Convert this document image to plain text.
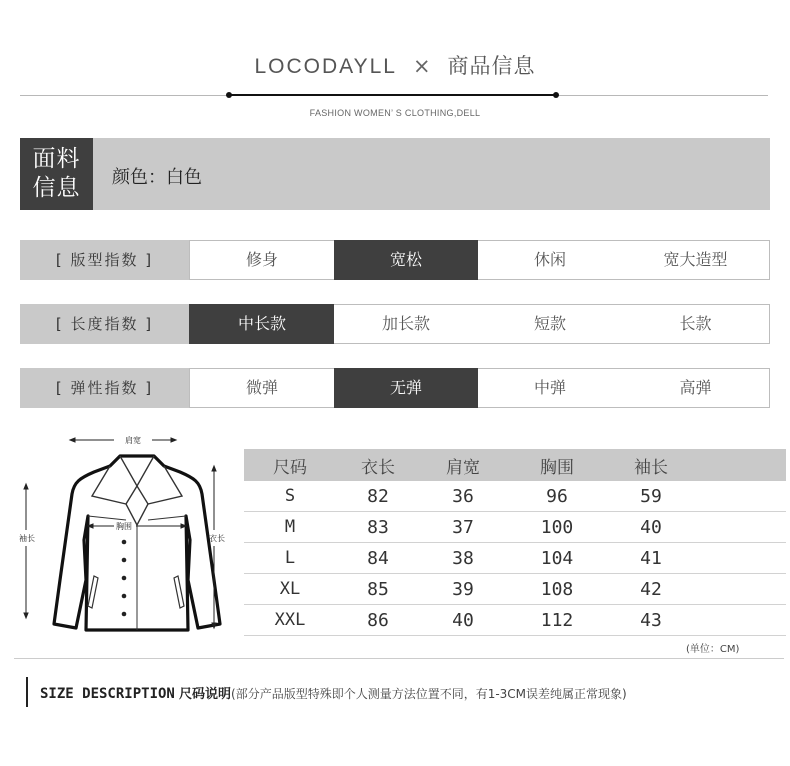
LOCODAYLL × 商品信息
FASHION WOMEN’ S CLOTHING,DELL
面料
信息 颜色：白色
[ 版型指数 ]	修身	宽松	休闲	宽大造型
[ 长度指数 ]	中长款	加长款	短款	长款
[ 弹性指数 ]	微弹	无弹	中弹	高弹
肩宽
胸围
袖长	衣长
尺码	衣长	肩宽	胸围	袖长	
S	82	36	96	59	
M	83	37	100	40	
L	84	38	104	41	
XL	85	39	108	42	
XXL	86	40	112	43	
(单位：CM)
SIZE DESCRIPTION 尺码说明(部分产品版型特殊即个人测量方法位置不同，有1-3CM误差纯属正常现象)
